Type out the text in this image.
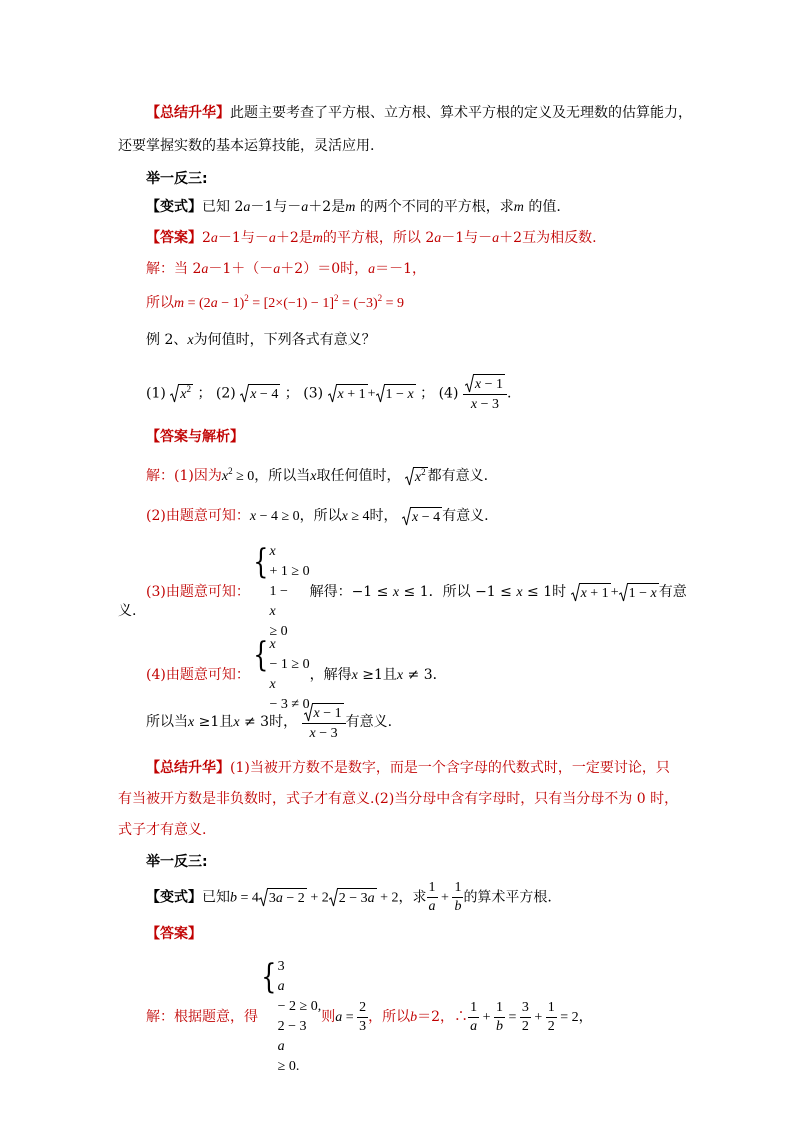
【总结升华】此题主要考查了平方根、立方根、算术平方根的定义及无理数的估算能力，
还要掌握实数的基本运算技能，灵活应用.
举一反三:
【变式】已知 2a－1与－a＋2是m 的两个不同的平方根，求m 的值.
【答案】2a－1与－a＋2是m的平方根，所以 2a－1与－a＋2互为相反数.
解：当 2a－1＋（－a＋2）＝0时，a＝－1，
所以$m = (2a - 1)^2 = [2\times(-1) - 1]^2 = (-3)^2 = 9$
例 2、x为何值时，下列各式有意义？
(1) $x^2$ ； (2) x − 4 ； (3) x + 1 + 1 − x ； $(4) \frac{x - 1}{x - 3}$ .
【答案与解析】
解：(1)因为$x^2 \ge 0$，所以当x取任何值时， $x^2$ 都有意义.
(2)由题意可知：x − 4 ≥ 0，所以x ≥ 4时， x − 4 有意义.
(3)由题意可知：
{ x
+ 1 ≥ 0
1 −
x
≥ 0
解得：−1 ≤ x ≤ 1．所以 −1 ≤ x ≤ 1时 x + 1 + 1 − x 有意
义.
(4)由题意可知： { x
− 1 ≥ 0
x
− 3 ≠ 0
，解得x ≥1且x ≠ 3．
所以当x ≥1且x ≠ 3时， $\frac{x - 1}{x - 3}$ 有意义.
【总结升华】(1)当被开方数不是数字，而是一个含字母的代数式时，一定要讨论，只
有当被开方数是非负数时，式子才有意义.(2)当分母中含有字母时，只有当分母不为 0 时，
式子才有意义.
举一反三:
【变式】已知b = 4 3a − 2 + 2 2 − 3a + 2，求 $\frac{1}{a} + \frac{1}{b}$ 的算术平方根.
【答案】
解：根据题意，得
{ 3
a
− 2 ≥ 0,
2 − 3
a
≥ 0.
则$a = \frac{2}{3}$ ，所以b＝2，∴ $\frac{1}{a} + \frac{1}{b} = \frac{3}{2} + \frac{1}{2} = 2$，
